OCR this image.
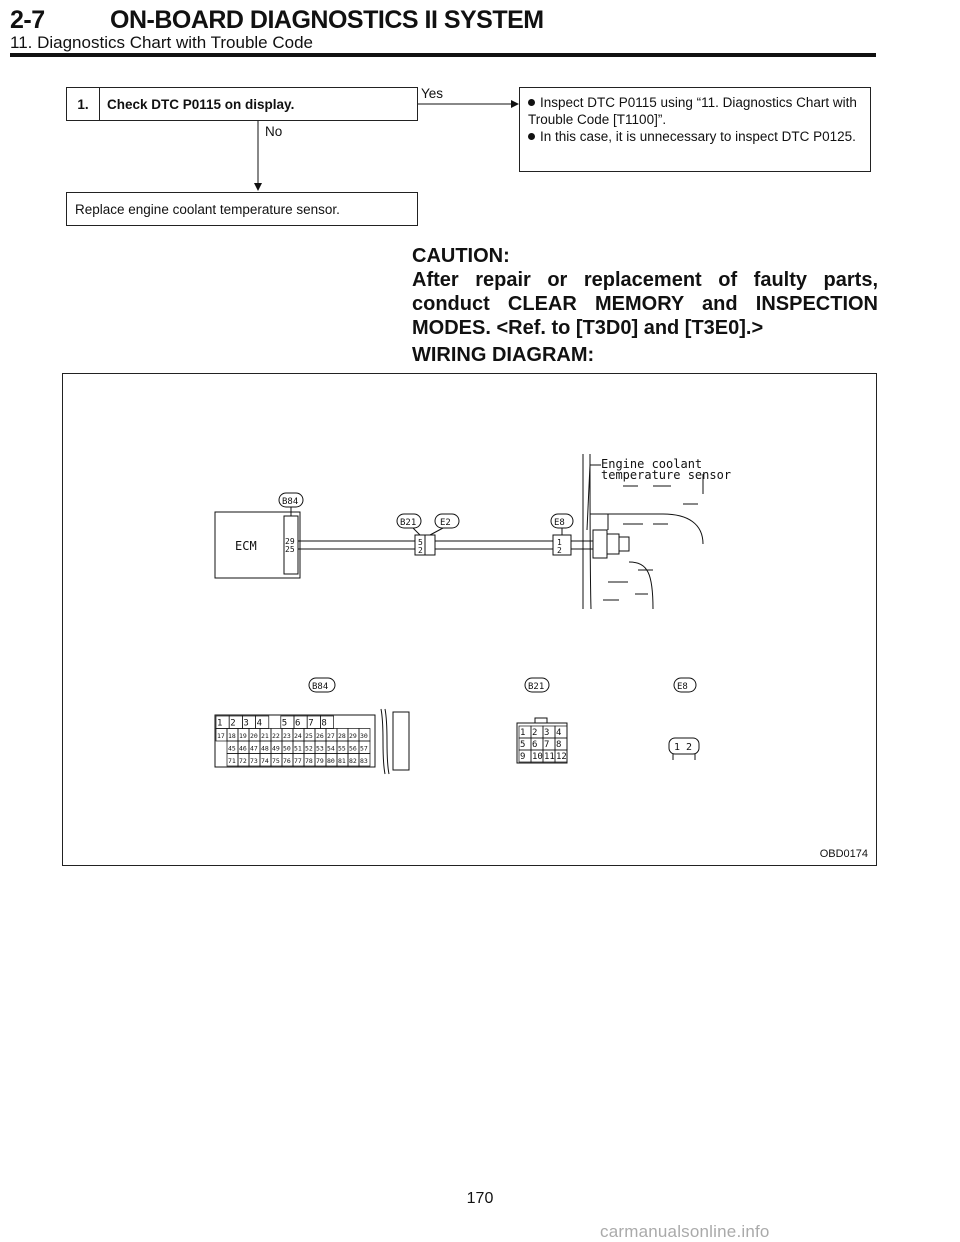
2-7	ON-BOARD DIAGNOSTICS II SYSTEM
11. Diagnostics Chart with Trouble Code
1.	Check DTC P0115 on display.
Yes
No
Inspect DTC P0115 using “11. Diagnostics Chart with Trouble Code [T1100]”.
In this case, it is unnecessary to inspect DTC P0125.
Replace engine coolant temperature sensor.
CAUTION:
After repair or replacement of faulty parts, conduct CLEAR MEMORY and INSPECTION MODES. <Ref. to [T3D0] and [T3E0].>
WIRING DIAGRAM:
Engine coolant
temperature sensor
ECM	29
25
B84
5
2
B21	E2
1
2
E8
B84	B21	E8
1 2 3 4 5 6 7 8
17 18 19 20 21 22 23 24 25 26 27 28 29 30
45 46 47 48 49 50 51 52 53 54 55 56 57
71 72 73 74 75 76 77 78 79 80 81 82 83
1 2 3 4
5 6 7 8
9 10 11 12
1 2
OBD0174
170
carmanualsonline.info
